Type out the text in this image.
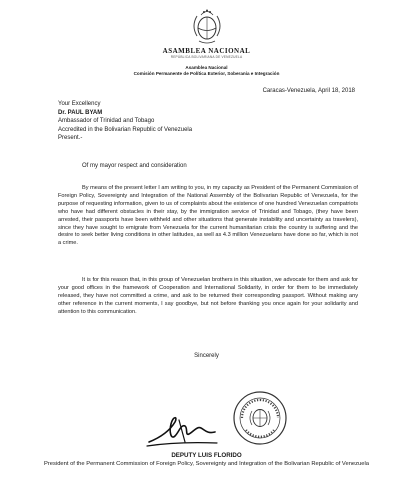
ASAMBLEA NACIONAL
REPÚBLICA BOLIVARIANA DE VENEZUELA
Asamblea Nacional
Comisión Permanente de Política Exterior, Soberanía e Integración
Caracas-Venezuela, April 18, 2018
Your Excellency
Dr. PAUL BYAM
Ambassador of Trinidad and Tobago
Accredited in the Bolivarian Republic of Venezuela
Present.-
Of my mayor respect and consideration
By means of the present letter I am writing to you, in my capacity as President of the Permanent Commission of Foreign Policy, Sovereignty and Integration of the National Assembly of the Bolivarian Republic of Venezuela, for the purpose of requesting information, given to us of complaints about the existence of one hundred Venezuelan compatriots who have had different obstacles in their stay, by the immigration service of Trinidad and Tobago, (they have been arrested, their passports have been withheld and other situations that generate instability and uncertainty as travelers), since they have sought to emigrate from Venezuela for the current humanitarian crisis the country is suffering and the desire to seek better living conditions in other latitudes, as well as 4.3 million Venezuelans have done so far, which is not a crime.
It is for this reason that, in this group of Venezuelan brothers in this situation, we advocate for them and ask for your good offices in the framework of Cooperation and International Solidarity, in order for them to be immediately released, they have not committed a crime, and ask to be returned their corresponding passport. Without making any other reference in the current moments, I say goodbye, but not before thanking you once again for your solidarity and attention to this communication.
Sincerely
DEPUTY LUIS FLORIDO
President of the Permanent Commission of Foreign Policy, Sovereignty and Integration of the Bolivarian Republic of Venezuela
